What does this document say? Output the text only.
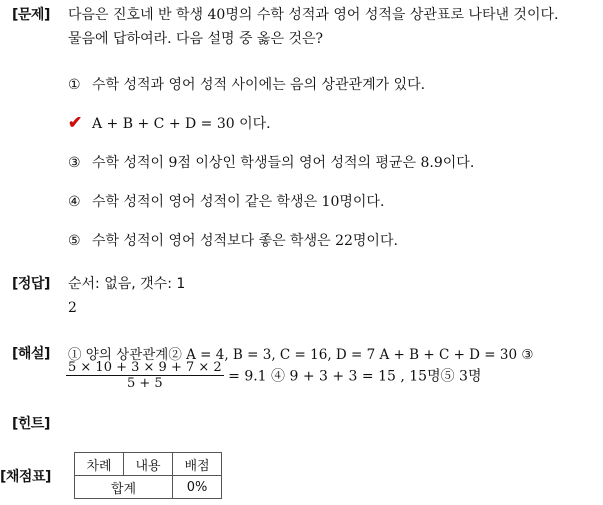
[문제] 다음은 진호네 반 학생 40명의 수학 성적과 영어 성적을 상관표로 나타낸 것이다.
물음에 답하여라. 다음 설명 중 옳은 것은?
① 수학 성적과 영어 성적 사이에는 음의 상관관계가 있다.
✔ A + B + C + D = 30 이다.
③ 수학 성적이 9점 이상인 학생들의 영어 성적의 평균은 8.9이다.
④ 수학 성적이 영어 성적이 같은 학생은 10명이다.
⑤ 수학 성적이 영어 성적보다 좋은 학생은 22명이다.
[정답] 순서: 없음, 갯수: 1
2
[해설] ① 양의 상관관계② A = 4, B = 3, C = 16, D = 7 A + B + C + D = 30 ③
$\frac{5 \times 10 + 3 \times 9 + 7 \times 2}{5 + 5} = 9.1$ ④ 9 + 3 + 3 = 15 , 15명⑤ 3명
[힌트]
[채점표]
차례	내용	배점
합계		0%
